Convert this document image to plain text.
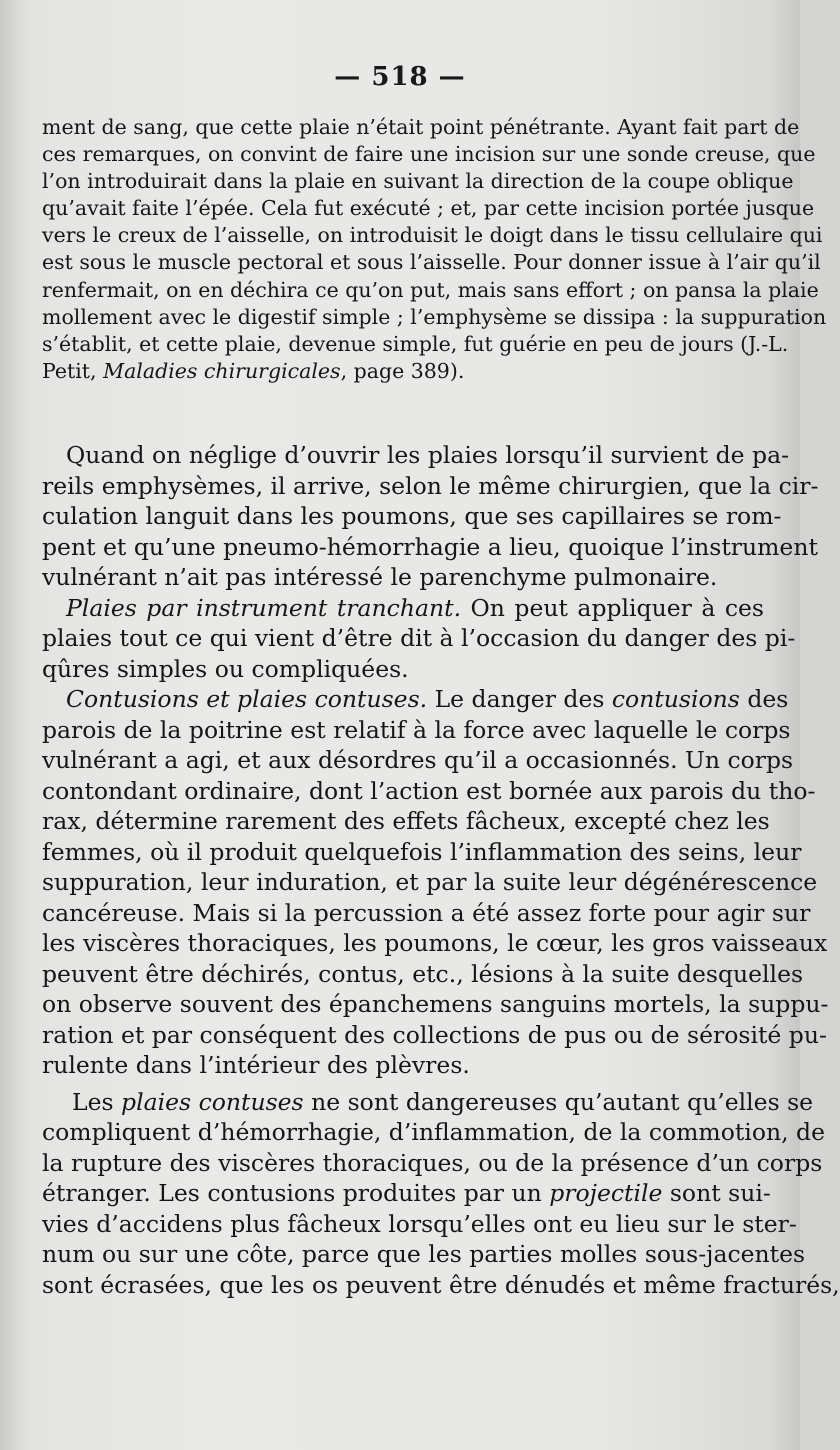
— 518 —
ment de sang, que cette plaie n’était point pénétrante. Ayant fait part de
ces remarques, on convint de faire une incision sur une sonde creuse, que
l’on introduirait dans la plaie en suivant la direction de la coupe oblique
qu’avait faite l’épée. Cela fut exécuté ; et, par cette incision portée jusque
vers le creux de l’aisselle, on introduisit le doigt dans le tissu cellulaire qui
est sous le muscle pectoral et sous l’aisselle. Pour donner issue à l’air qu’il
renfermait, on en déchira ce qu’on put, mais sans effort ; on pansa la plaie
mollement avec le digestif simple ; l’emphysème se dissipa : la suppuration
s’établit, et cette plaie, devenue simple, fut guérie en peu de jours (J.-L.
Petit, Maladies chirurgicales, page 389).
Quand on néglige d’ouvrir les plaies lorsqu’il survient de pa-
reils emphysèmes, il arrive, selon le même chirurgien, que la cir-
culation languit dans les poumons, que ses capillaires se rom-
pent et qu’une pneumo-hémorrhagie a lieu, quoique l’instrument
vulnérant n’ait pas intéressé le parenchyme pulmonaire.
Plaies par instrument tranchant. On peut appliquer à ces
plaies tout ce qui vient d’être dit à l’occasion du danger des pi-
qûres simples ou compliquées.
Contusions et plaies contuses. Le danger des contusions des
parois de la poitrine est relatif à la force avec laquelle le corps
vulnérant a agi, et aux désordres qu’il a occasionnés. Un corps
contondant ordinaire, dont l’action est bornée aux parois du tho-
rax, détermine rarement des effets fâcheux, excepté chez les
femmes, où il produit quelquefois l’inflammation des seins, leur
suppuration, leur induration, et par la suite leur dégénérescence
cancéreuse. Mais si la percussion a été assez forte pour agir sur
les viscères thoraciques, les poumons, le cœur, les gros vaisseaux
peuvent être déchirés, contus, etc., lésions à la suite desquelles
on observe souvent des épanchemens sanguins mortels, la suppu-
ration et par conséquent des collections de pus ou de sérosité pu-
rulente dans l’intérieur des plèvres.
Les plaies contuses ne sont dangereuses qu’autant qu’elles se
compliquent d’hémorrhagie, d’inflammation, de la commotion, de
la rupture des viscères thoraciques, ou de la présence d’un corps
étranger. Les contusions produites par un projectile sont sui-
vies d’accidens plus fâcheux lorsqu’elles ont eu lieu sur le ster-
num ou sur une côte, parce que les parties molles sous-jacentes
sont écrasées, que les os peuvent être dénudés et même fracturés,
